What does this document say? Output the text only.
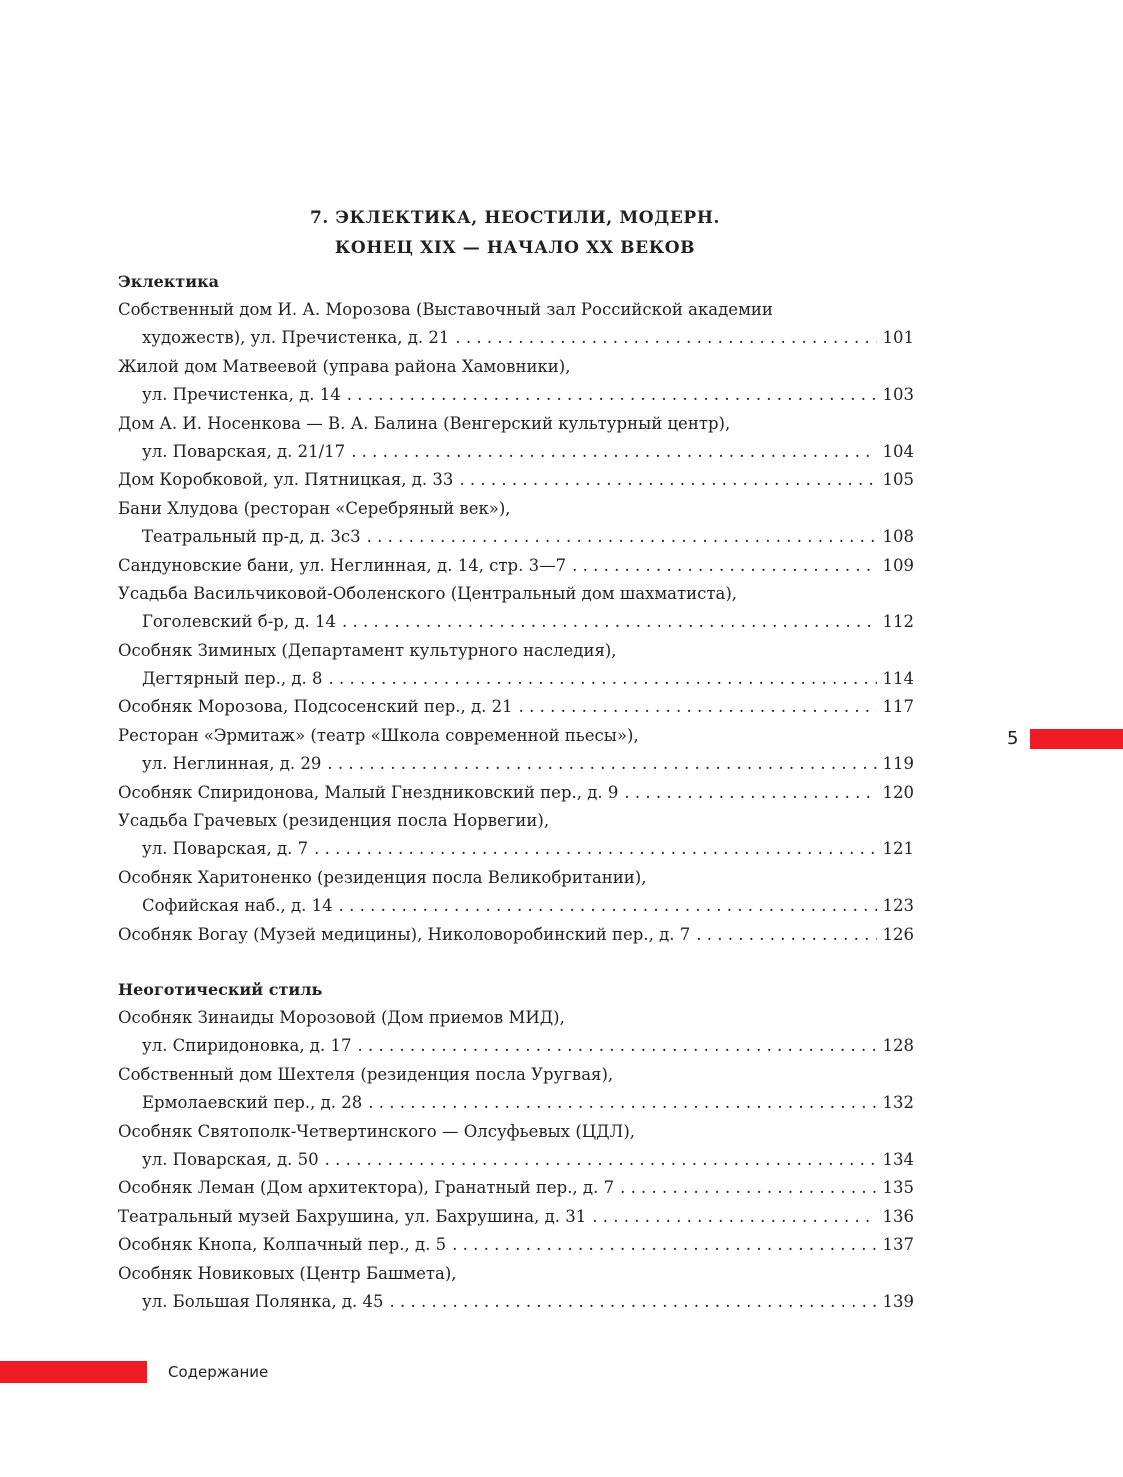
7. ЭКЛЕКТИКА, НЕОСТИЛИ, МОДЕРН.
КОНЕЦ XIX — НАЧАЛО XX ВЕКОВ
Эклектика
Собственный дом И. А. Морозова (Выставочный зал Российской академии
художеств), ул. Пречистенка, д. 21 . . .	101
Жилой дом Матвеевой (управа района Хамовники),
ул. Пречистенка, д. 14 . . .	103
Дом А. И. Носенкова — В. А. Балина (Венгерский культурный центр),
ул. Поварская, д. 21/17 . . .	104
Дом Коробковой, ул. Пятницкая, д. 33 . . .	105
Бани Хлудова (ресторан «Серебряный век»),
Театральный пр-д, д. 3с3 . . .	108
Сандуновские бани, ул. Неглинная, д. 14, стр. 3—7 . . .	109
Усадьба Васильчиковой-Оболенского (Центральный дом шахматиста),
Гоголевский б-р, д. 14 . . .	112
Особняк Зиминых (Департамент культурного наследия),
Дегтярный пер., д. 8 . . .	114
Особняк Морозова, Подсосенский пер., д. 21 . . .	117
Ресторан «Эрмитаж» (театр «Школа современной пьесы»),
ул. Неглинная, д. 29 . . .	119
Особняк Спиридонова, Малый Гнездниковский пер., д. 9 . . .	120
Усадьба Грачевых (резиденция посла Норвегии),
ул. Поварская, д. 7 . . .	121
Особняк Харитоненко (резиденция посла Великобритании),
Софийская наб., д. 14 . . .	123
Особняк Вогау (Музей медицины), Николоворобинский пер., д. 7 . . .	126
Неоготический стиль
Особняк Зинаиды Морозовой (Дом приемов МИД),
ул. Спиридоновка, д. 17 . . .	128
Собственный дом Шехтеля (резиденция посла Уругвая),
Ермолаевский пер., д. 28 . . .	132
Особняк Святополк-Четвертинского — Олсуфьевых (ЦДЛ),
ул. Поварская, д. 50 . . .	134
Особняк Леман (Дом архитектора), Гранатный пер., д. 7 . . .	135
Театральный музей Бахрушина, ул. Бахрушина, д. 31 . . .	136
Особняк Кнопа, Колпачный пер., д. 5 . . .	137
Особняк Новиковых (Центр Башмета),
ул. Большая Полянка, д. 45 . . .	139
5
Содержание
